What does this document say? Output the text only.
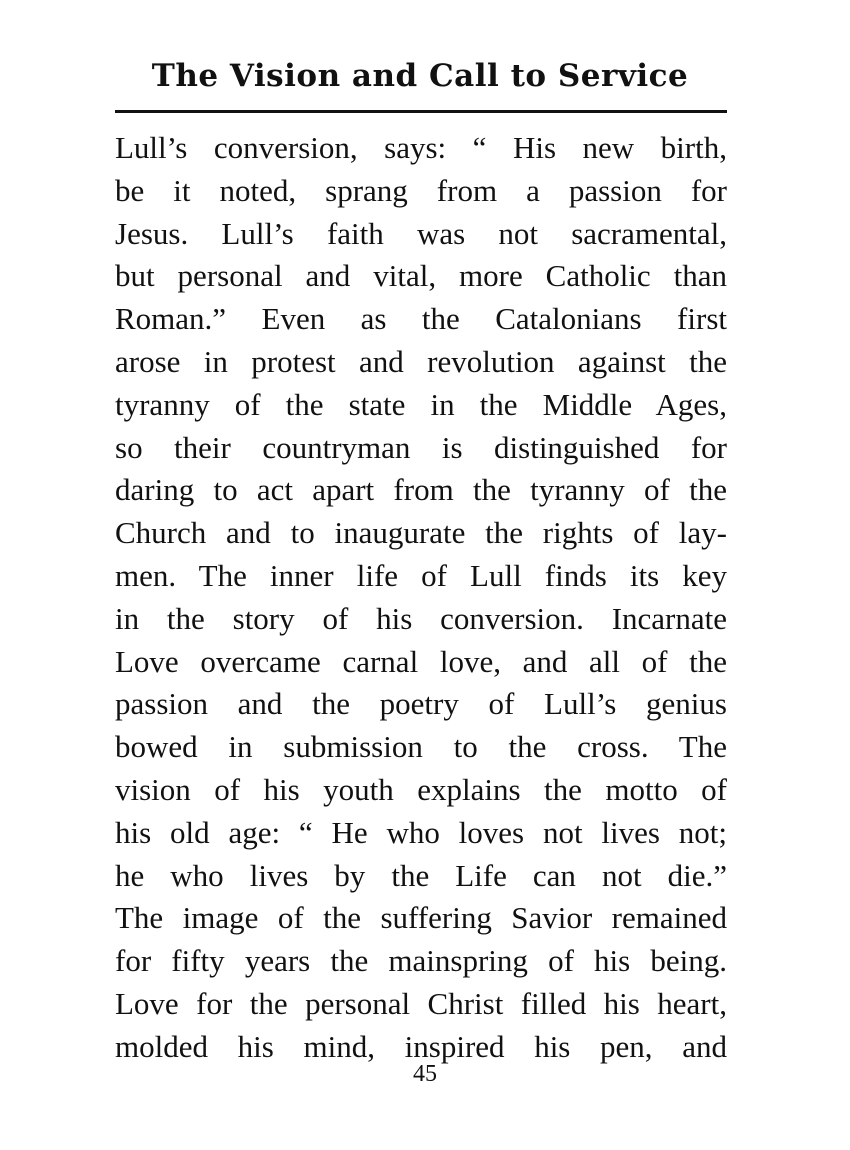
The Vision and Call to Service
Lull’s conversion, says: “ His new birth,
be it noted, sprang from a passion for
Jesus. Lull’s faith was not sacramental,
but personal and vital, more Catholic than
Roman.” Even as the Catalonians first
arose in protest and revolution against the
tyranny of the state in the Middle Ages,
so their countryman is distinguished for
daring to act apart from the tyranny of the
Church and to inaugurate the rights of lay-
men. The inner life of Lull finds its key
in the story of his conversion. Incarnate
Love overcame carnal love, and all of the
passion and the poetry of Lull’s genius
bowed in submission to the cross. The
vision of his youth explains the motto of
his old age: “ He who loves not lives not;
he who lives by the Life can not die.”
The image of the suffering Savior remained
for fifty years the mainspring of his being.
Love for the personal Christ filled his heart,
molded his mind, inspired his pen, and
45
